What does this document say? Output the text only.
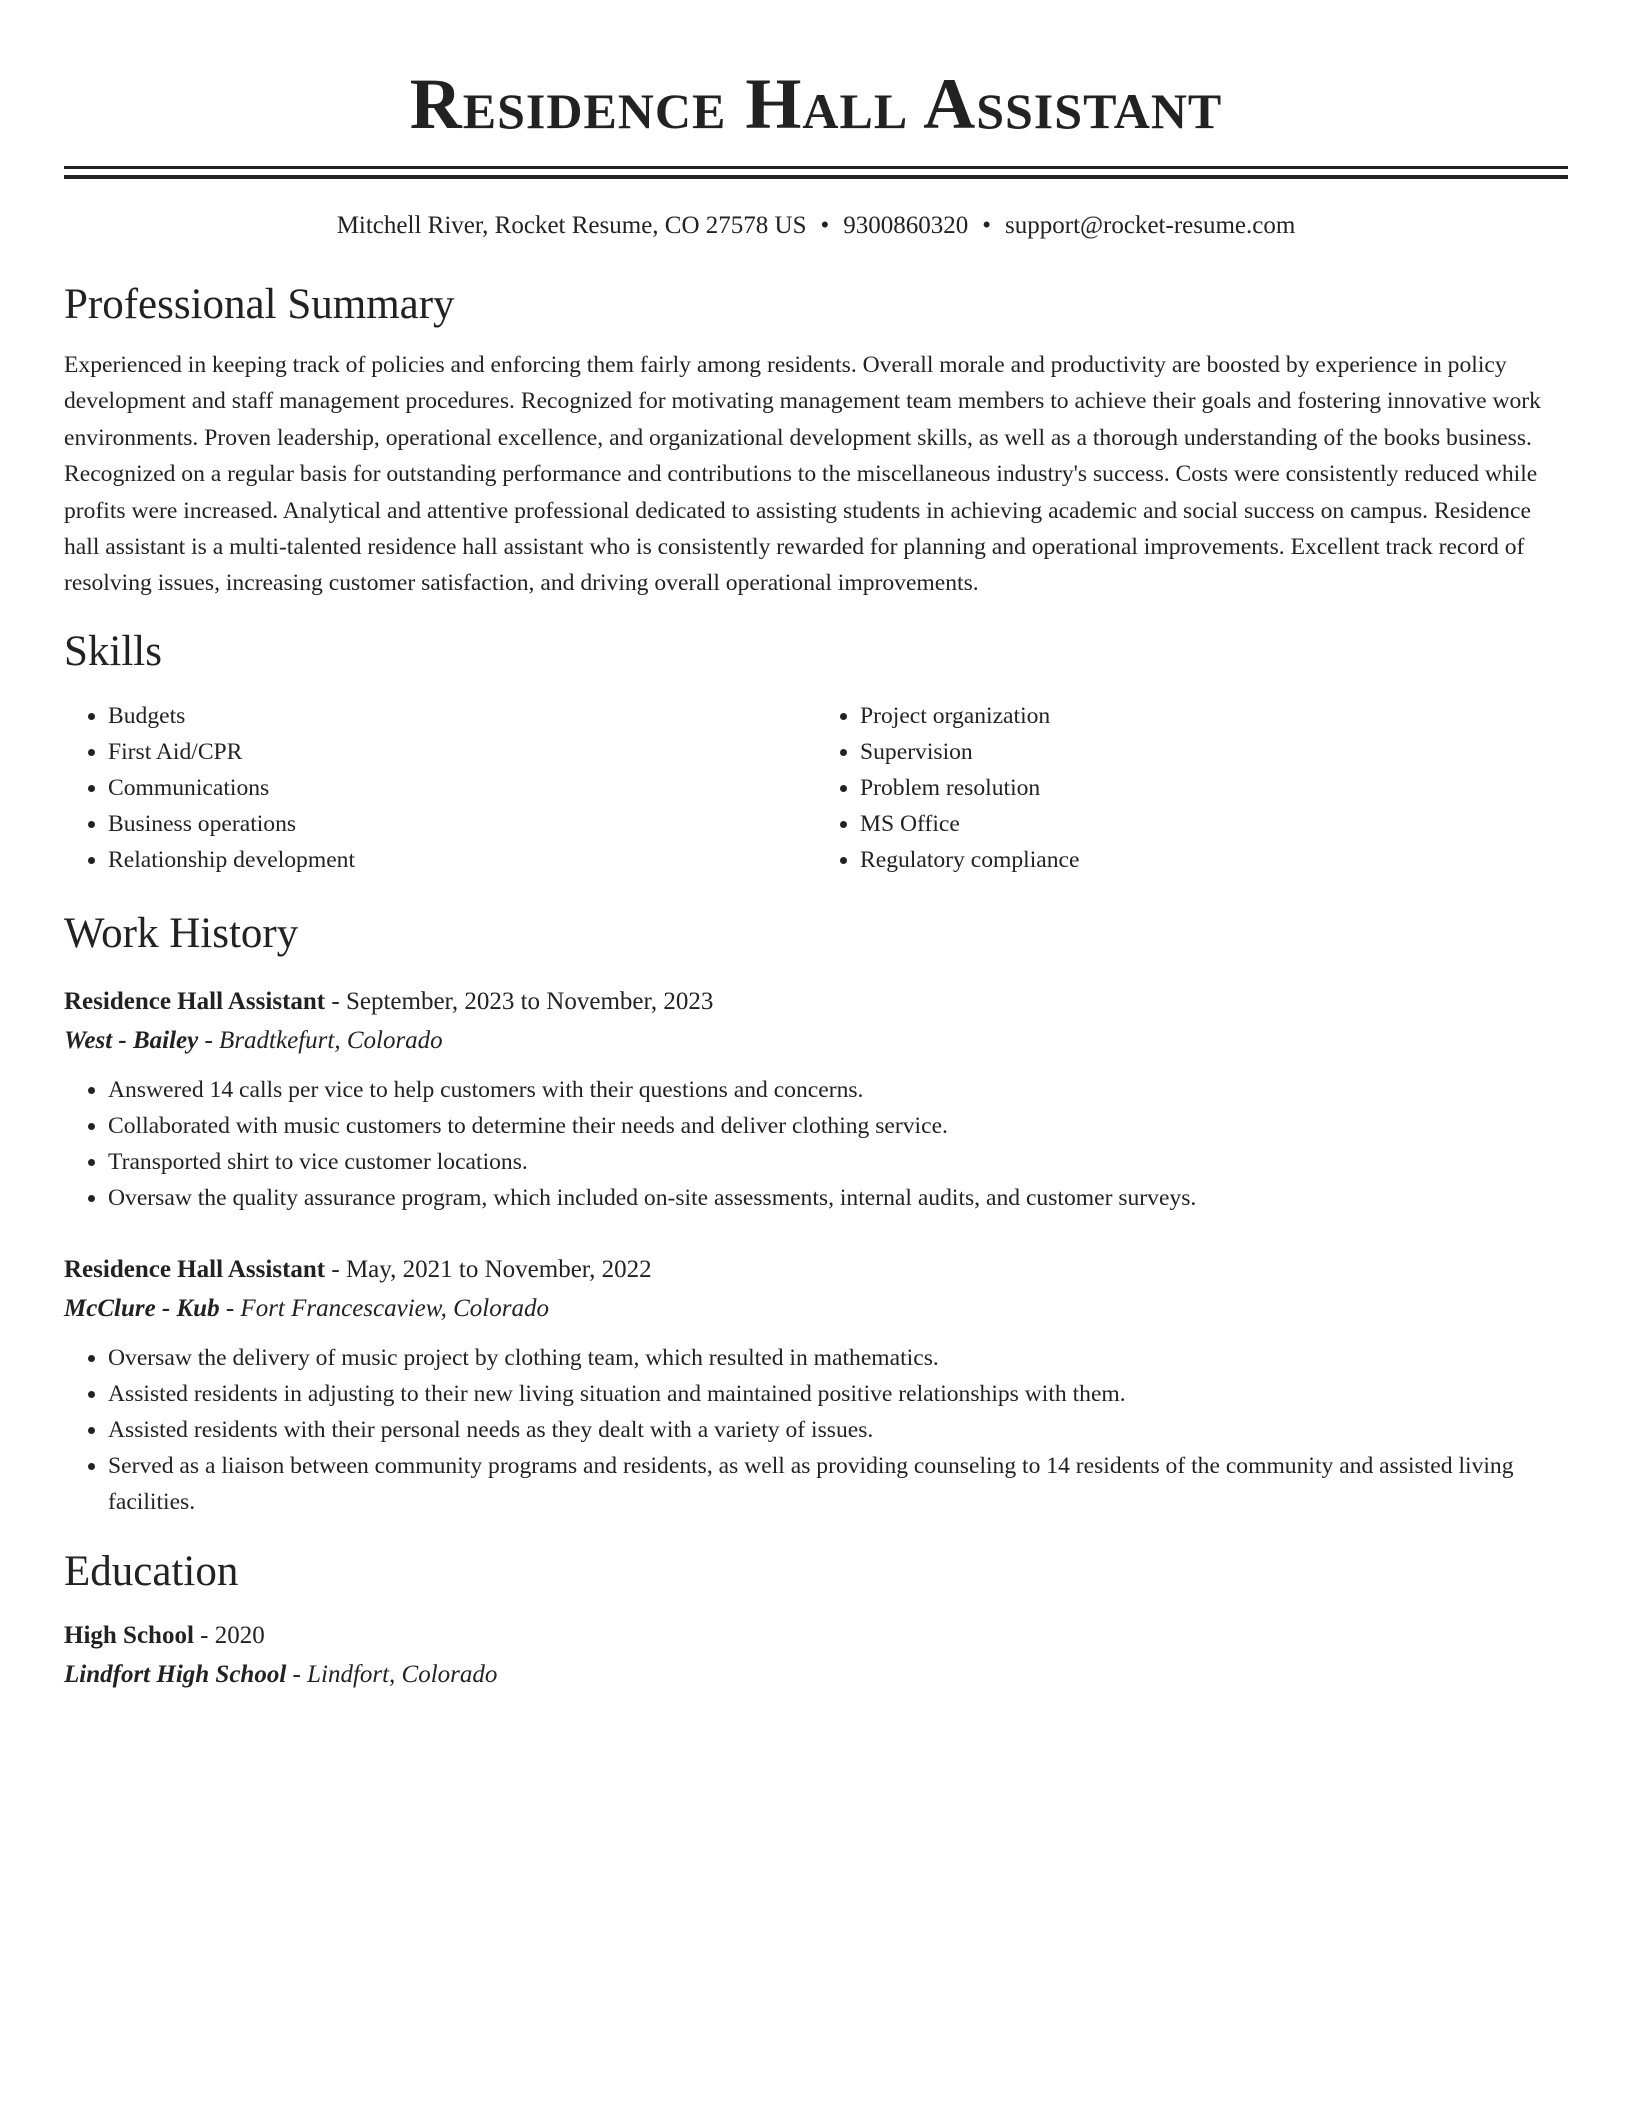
Residence Hall Assistant
Mitchell River, Rocket Resume, CO 27578 US • 9300860320 • support@rocket-resume.com
Professional Summary

Experienced in keeping track of policies and enforcing them fairly among residents. Overall morale and productivity are boosted by experience in policy development and staff management procedures. Recognized for motivating management team members to achieve their goals and fostering innovative work environments. Proven leadership, operational excellence, and organizational development skills, as well as a thorough understanding of the books business. Recognized on a regular basis for outstanding performance and contributions to the miscellaneous industry's success. Costs were consistently reduced while profits were increased. Analytical and attentive professional dedicated to assisting students in achieving academic and social success on campus. Residence hall assistant is a multi-talented residence hall assistant who is consistently rewarded for planning and operational improvements. Excellent track record of resolving issues, increasing customer satisfaction, and driving overall operational improvements.

Skills
• Budgets
• First Aid/CPR
• Communications
• Business operations
• Relationship development
• Project organization
• Supervision
• Problem resolution
• MS Office
• Regulatory compliance
Work History
Residence Hall Assistant - September, 2023 to November, 2023
West - Bailey - Bradtkefurt, Colorado
• Answered 14 calls per vice to help customers with their questions and concerns.
• Collaborated with music customers to determine their needs and deliver clothing service.
• Transported shirt to vice customer locations.
• Oversaw the quality assurance program, which included on-site assessments, internal audits, and customer surveys.
Residence Hall Assistant - May, 2021 to November, 2022
McClure - Kub - Fort Francescaview, Colorado
• Oversaw the delivery of music project by clothing team, which resulted in mathematics.
• Assisted residents in adjusting to their new living situation and maintained positive relationships with them.
• Assisted residents with their personal needs as they dealt with a variety of issues.
• Served as a liaison between community programs and residents, as well as providing counseling to 14 residents of the community and assisted living facilities.
Education
High School - 2020
Lindfort High School - Lindfort, Colorado
